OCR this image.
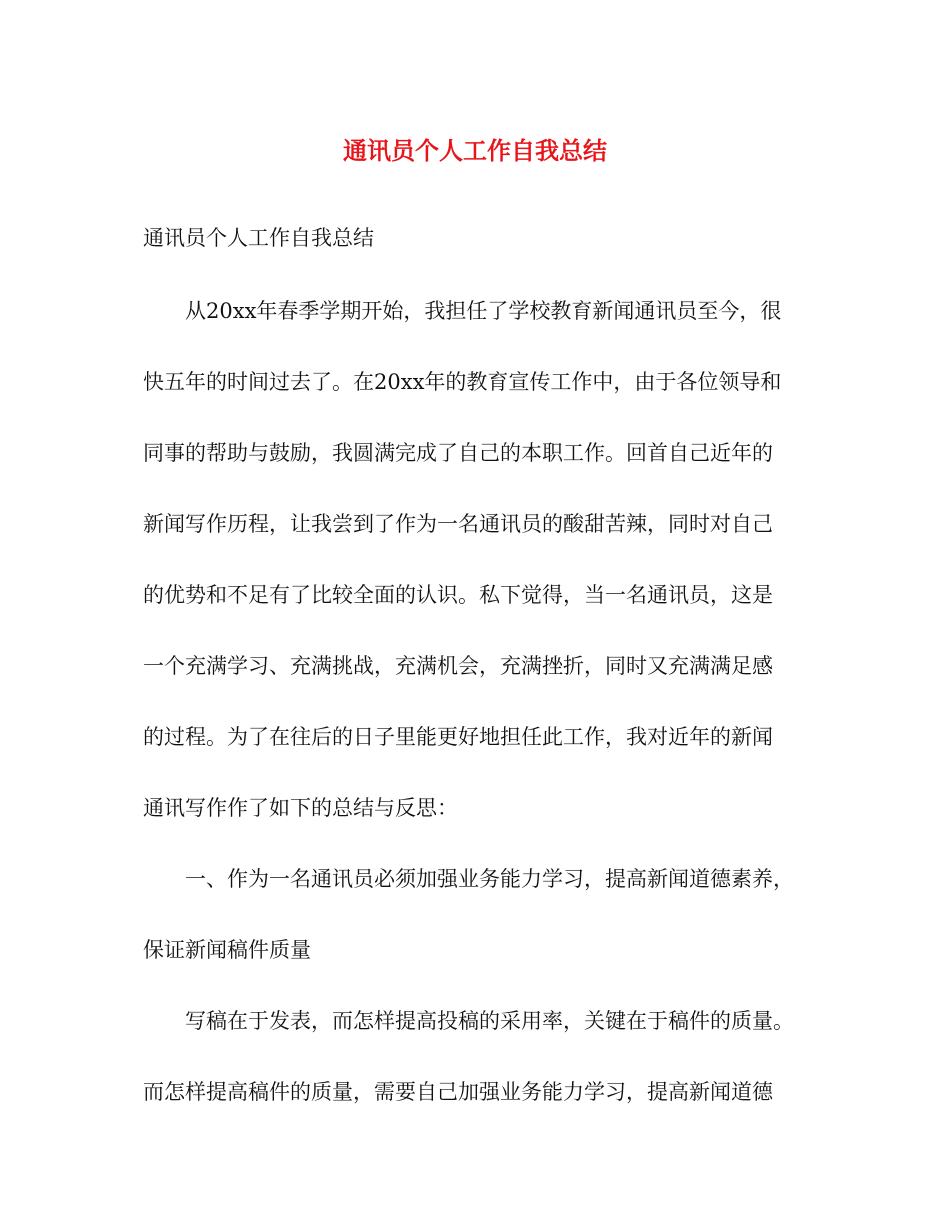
通讯员个人工作自我总结

通讯员个人工作自我总结

从20xx年春季学期开始，我担任了学校教育新闻通讯员至今，很

快五年的时间过去了。在20xx年的教育宣传工作中，由于各位领导和

同事的帮助与鼓励，我圆满完成了自己的本职工作。回首自己近年的

新闻写作历程，让我尝到了作为一名通讯员的酸甜苦辣，同时对自己

的优势和不足有了比较全面的认识。私下觉得，当一名通讯员，这是

一个充满学习、充满挑战，充满机会，充满挫折，同时又充满满足感

的过程。为了在往后的日子里能更好地担任此工作，我对近年的新闻

通讯写作作了如下的总结与反思：

一、作为一名通讯员必须加强业务能力学习，提高新闻道德素养，

保证新闻稿件质量

写稿在于发表，而怎样提高投稿的采用率，关键在于稿件的质量。

而怎样提高稿件的质量，需要自己加强业务能力学习，提高新闻道德
